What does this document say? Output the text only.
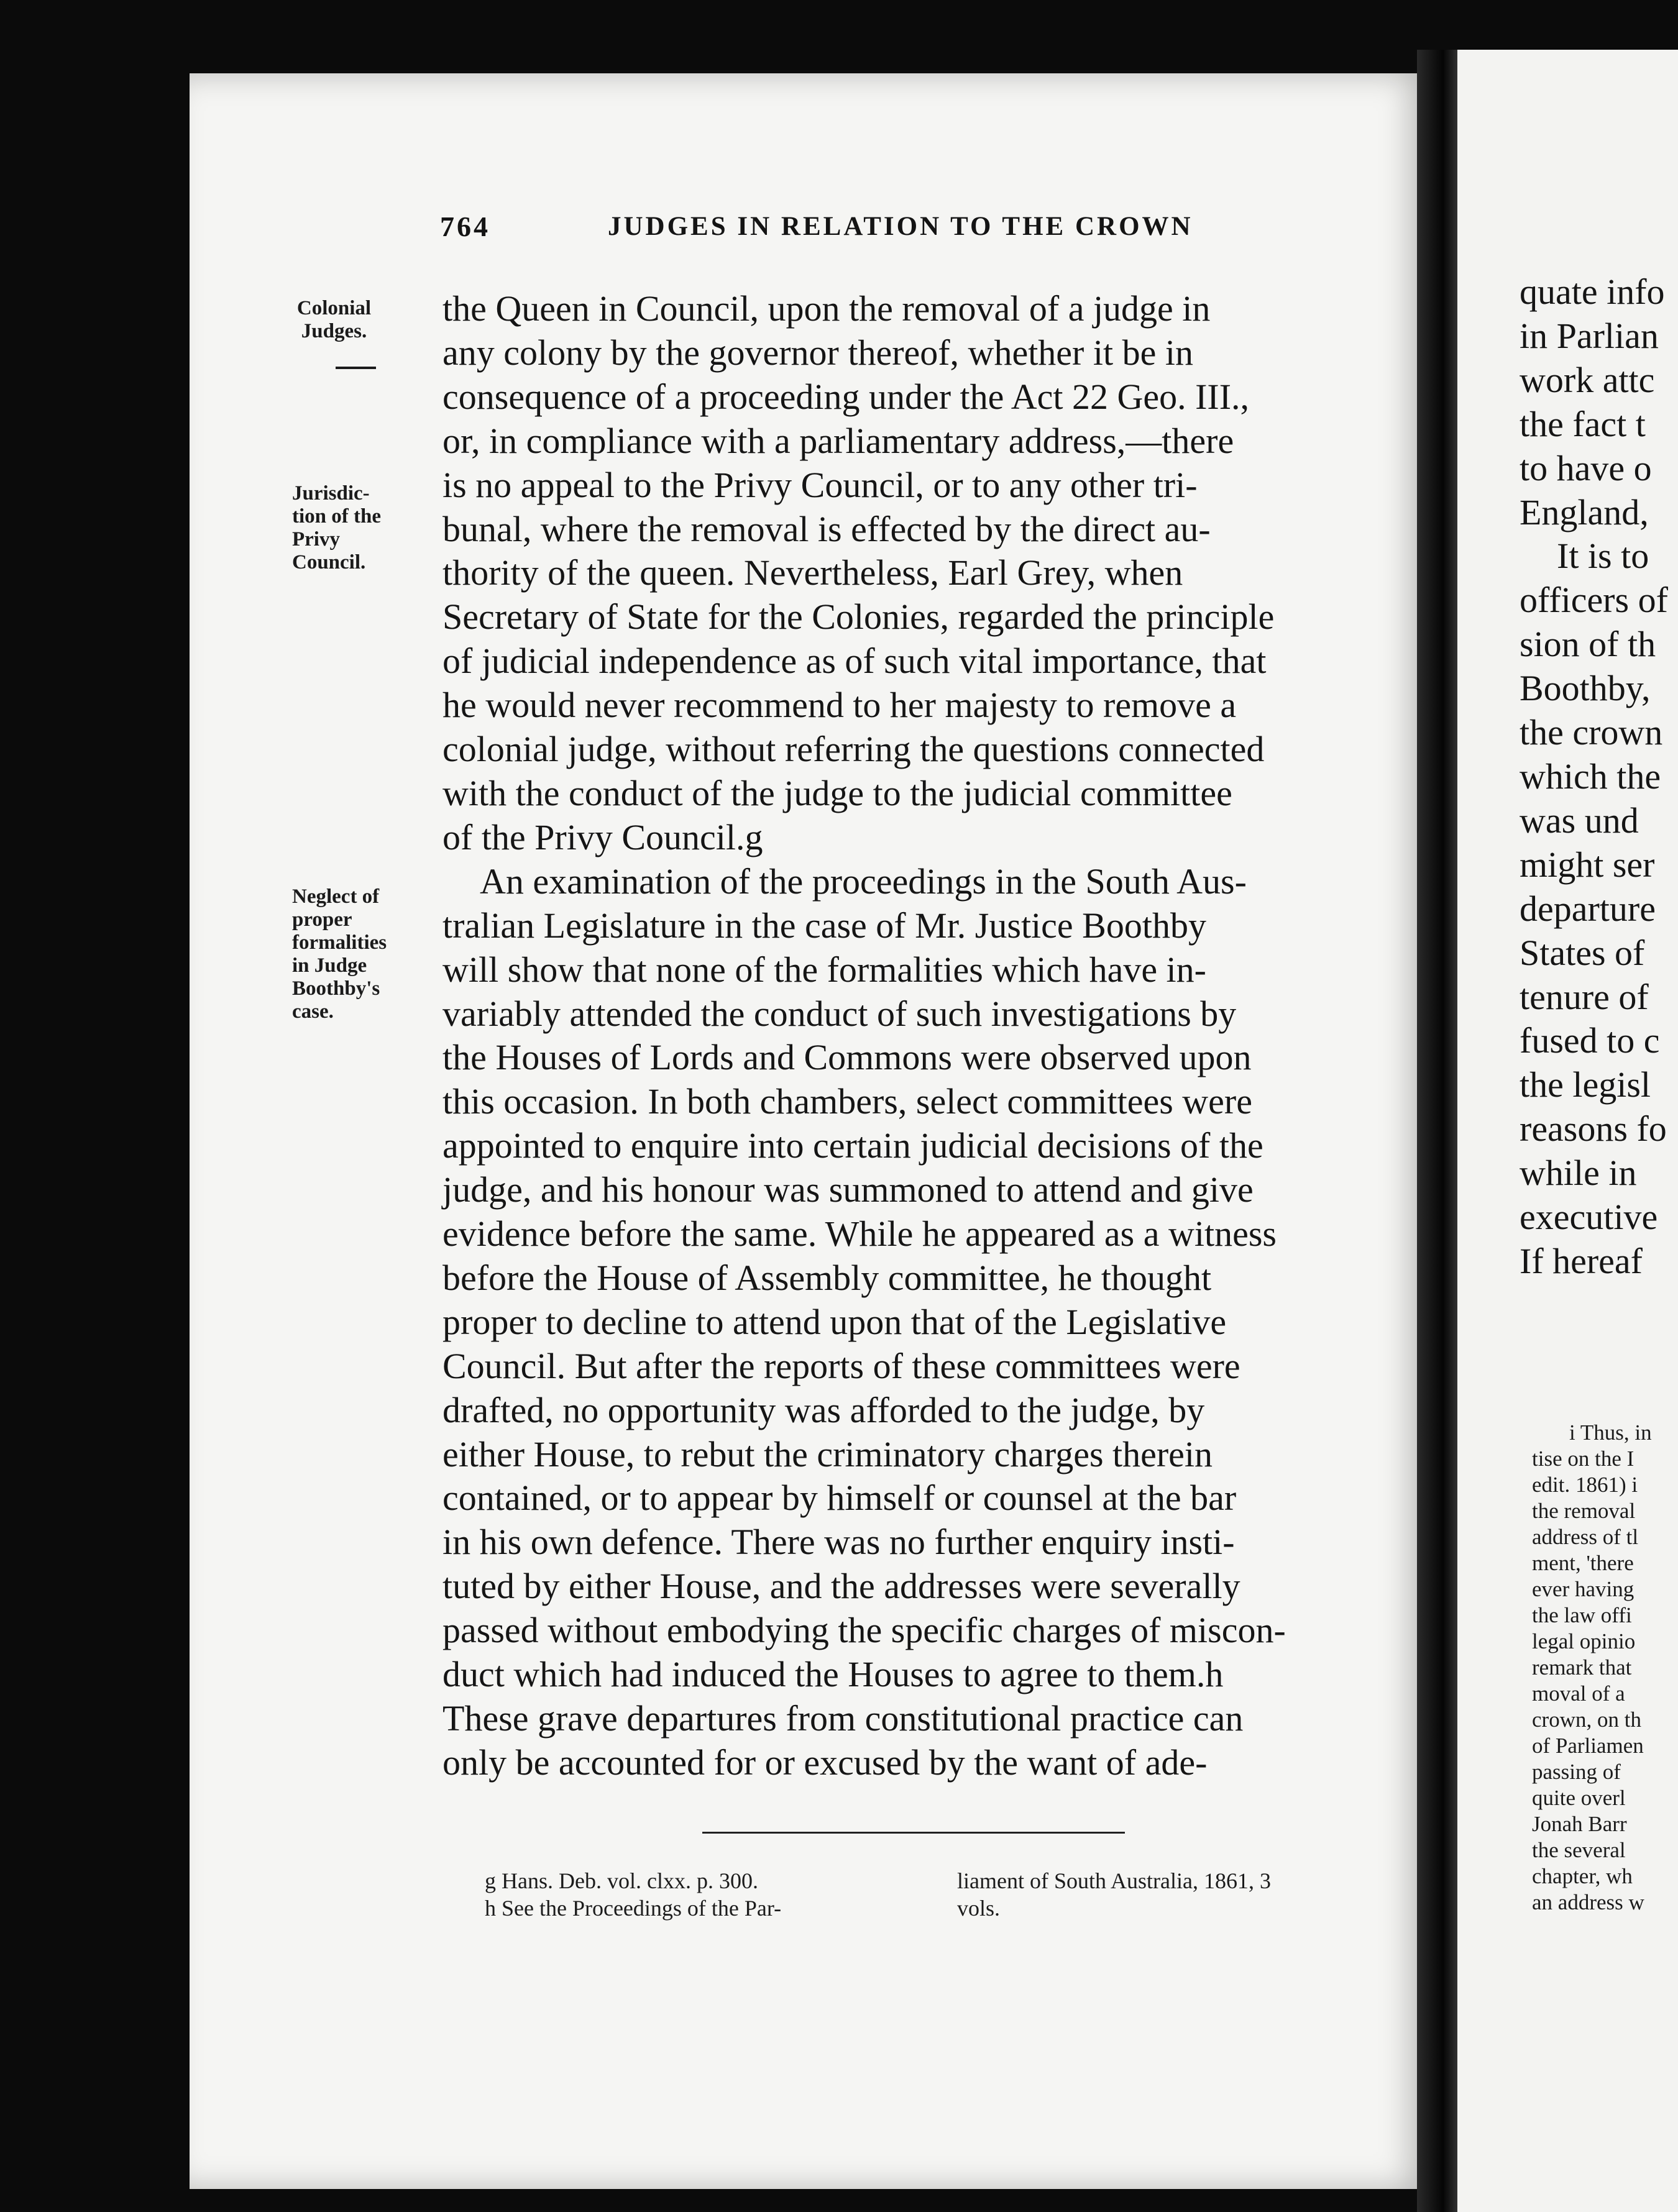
764	JUDGES IN RELATION TO THE CROWN
Colonial
Judges.
Jurisdic-
tion of the
Privy
Council.
Neglect of
proper
formalities
in Judge
Boothby's
case.
the Queen in Council, upon the removal of a judge in
any colony by the governor thereof, whether it be in
consequence of a proceeding under the Act 22 Geo. III.,
or, in compliance with a parliamentary address,—there
is no appeal to the Privy Council, or to any other tri-
bunal, where the removal is effected by the direct au-
thority of the queen. Nevertheless, Earl Grey, when
Secretary of State for the Colonies, regarded the principle
of judicial independence as of such vital importance, that
he would never recommend to her majesty to remove a
colonial judge, without referring the questions connected
with the conduct of the judge to the judicial committee
of the Privy Council.g
An examination of the proceedings in the South Aus-
tralian Legislature in the case of Mr. Justice Boothby
will show that none of the formalities which have in-
variably attended the conduct of such investigations by
the Houses of Lords and Commons were observed upon
this occasion. In both chambers, select committees were
appointed to enquire into certain judicial decisions of the
judge, and his honour was summoned to attend and give
evidence before the same. While he appeared as a witness
before the House of Assembly committee, he thought
proper to decline to attend upon that of the Legislative
Council. But after the reports of these committees were
drafted, no opportunity was afforded to the judge, by
either House, to rebut the criminatory charges therein
contained, or to appear by himself or counsel at the bar
in his own defence. There was no further enquiry insti-
tuted by either House, and the addresses were severally
passed without embodying the specific charges of miscon-
duct which had induced the Houses to agree to them.h
These grave departures from constitutional practice can
only be accounted for or excused by the want of ade-
g Hans. Deb. vol. clxx. p. 300.
h See the Proceedings of the Par-
liament of South Australia, 1861, 3
vols.
quate info
in Parlian
work attc
the fact t
to have o
England,
It is to
officers of
sion of th
Boothby,
the crown
which the
was und
might ser
departure
States of
tenure of
fused to c
the legisl
reasons fo
while in
executive
If hereaf
i Thus, in
tise on the I
edit. 1861) i
the removal
address of tl
ment, 'there
ever having
the law offi
legal opinio
remark that
moval of a
crown, on th
of Parliamen
passing of
quite overl
Jonah Barr
the several
chapter, wh
an address w
